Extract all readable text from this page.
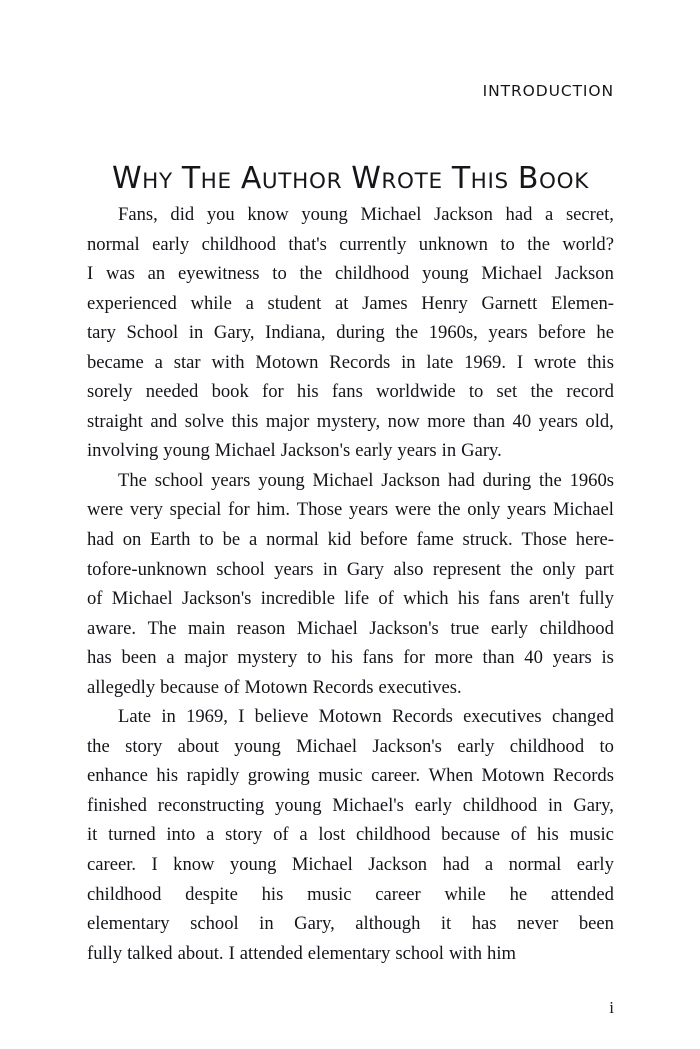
INTRODUCTION
WHY THE AUTHOR WROTE THIS BOOK

Fans, did you know young Michael Jackson had a secret,
normal early childhood that's currently unknown to the world?
I was an eyewitness to the childhood young Michael Jackson
experienced while a student at James Henry Garnett Elemen-
tary School in Gary, Indiana, during the 1960s, years before he
became a star with Motown Records in late 1969. I wrote this
sorely needed book for his fans worldwide to set the record
straight and solve this major mystery, now more than 40 years old,
involving young Michael Jackson's early years in Gary.

The school years young Michael Jackson had during the 1960s
were very special for him. Those years were the only years Michael
had on Earth to be a normal kid before fame struck. Those here-
tofore-unknown school years in Gary also represent the only part
of Michael Jackson's incredible life of which his fans aren't fully
aware. The main reason Michael Jackson's true early childhood
has been a major mystery to his fans for more than 40 years is
allegedly because of Motown Records executives.

Late in 1969, I believe Motown Records executives changed
the story about young Michael Jackson's early childhood to
enhance his rapidly growing music career. When Motown Records
finished reconstructing young Michael's early childhood in Gary,
it turned into a story of a lost childhood because of his music
career. I know young Michael Jackson had a normal early
childhood despite his music career while he attended
elementary school in Gary, although it has never been
fully talked about. I attended elementary school with him

i
